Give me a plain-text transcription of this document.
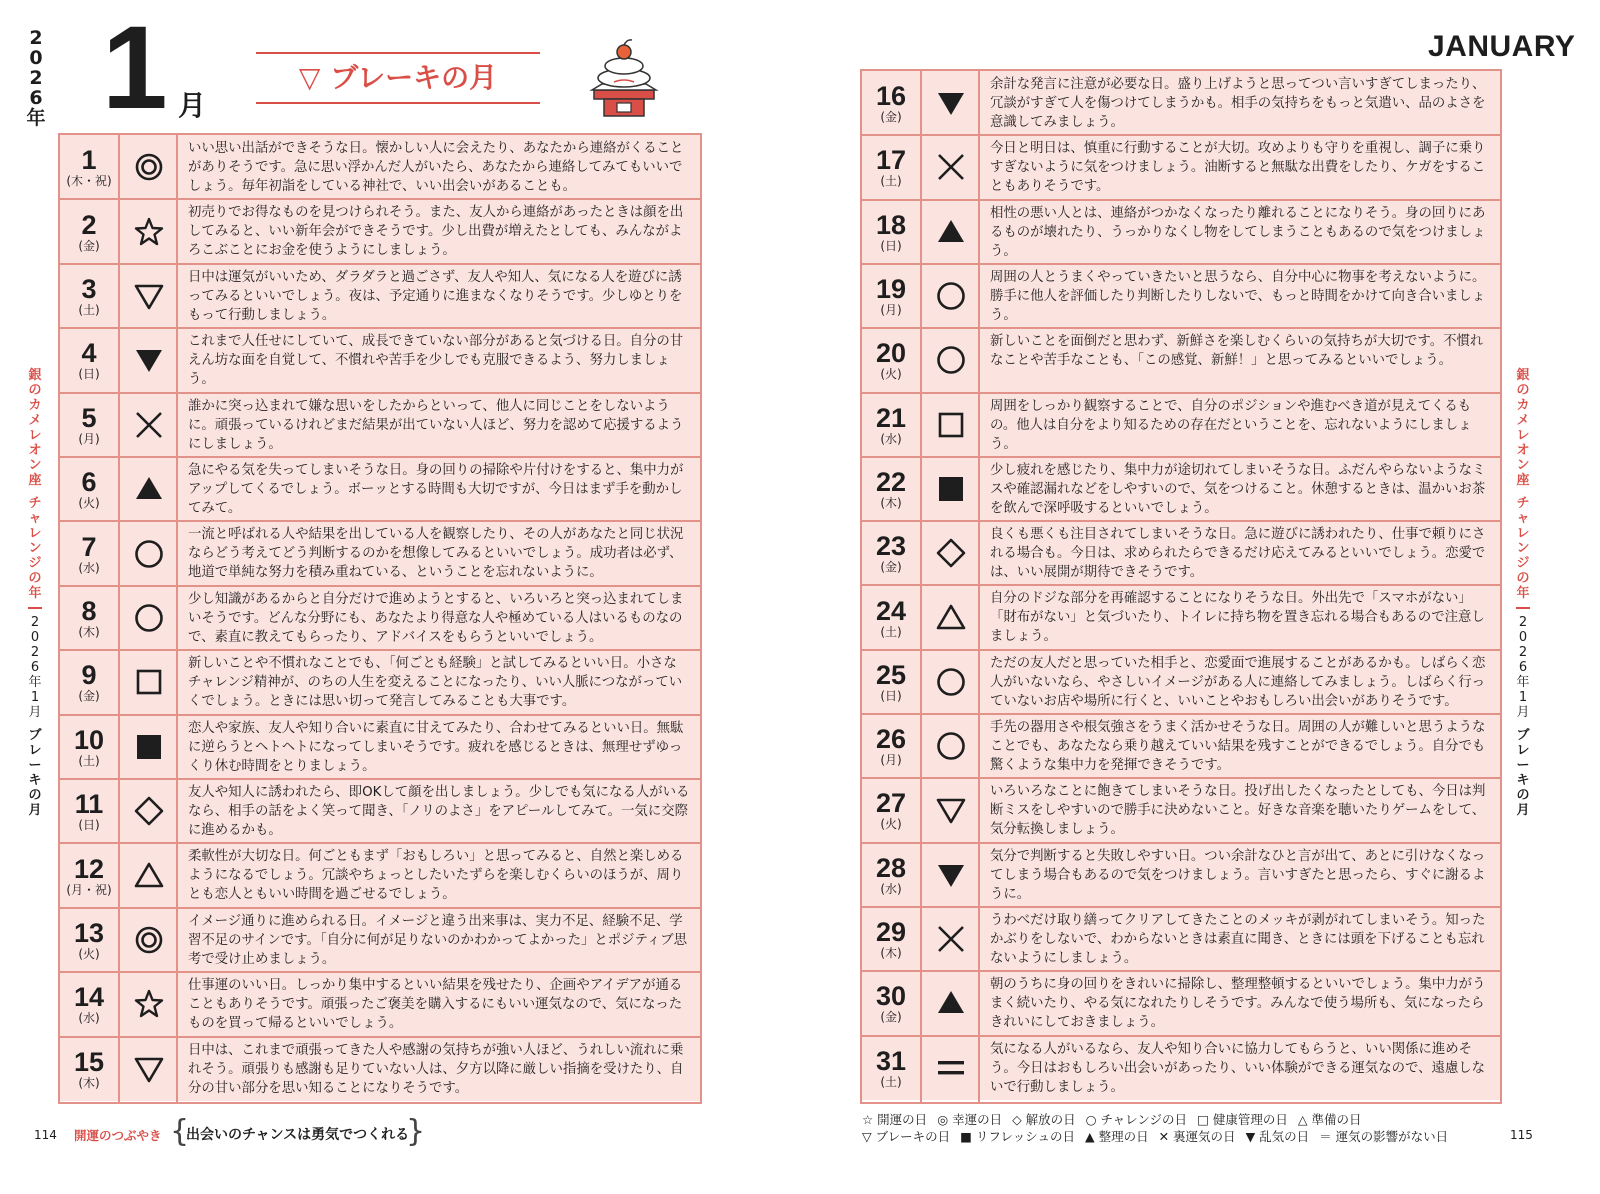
2
0
2
6
年 1 月
▽ ブレーキの月
JANUARY
1
(木・祝)
いい思い出話ができそうな日。懐かしい人に会えたり、あなたから連絡がくることがありそうです。急に思い浮かんだ人がいたら、あなたから連絡してみてもいいでしょう。毎年初詣をしている神社で、いい出会いがあることも。
2
(金)
初売りでお得なものを見つけられそう。また、友人から連絡があったときは顔を出してみると、いい新年会ができそうです。少し出費が増えたとしても、みんながよろこぶことにお金を使うようにしましょう。
3
(土)
日中は運気がいいため、ダラダラと過ごさず、友人や知人、気になる人を遊びに誘ってみるといいでしょう。夜は、予定通りに進まなくなりそうです。少しゆとりをもって行動しましょう。
4
(日)
これまで人任せにしていて、成長できていない部分があると気づける日。自分の甘えん坊な面を自覚して、不慣れや苦手を少しでも克服できるよう、努力しましょう。
5
(月)
誰かに突っ込まれて嫌な思いをしたからといって、他人に同じことをしないように。頑張っているけれどまだ結果が出ていない人ほど、努力を認めて応援するようにしましょう。
6
(火)
急にやる気を失ってしまいそうな日。身の回りの掃除や片付けをすると、集中力がアップしてくるでしょう。ボーッとする時間も大切ですが、今日はまず手を動かしてみて。
7
(水)
一流と呼ばれる人や結果を出している人を観察したり、その人があなたと同じ状況ならどう考えてどう判断するのかを想像してみるといいでしょう。成功者は必ず、地道で単純な努力を積み重ねている、ということを忘れないように。
8
(木)
少し知識があるからと自分だけで進めようとすると、いろいろと突っ込まれてしまいそうです。どんな分野にも、あなたより得意な人や極めている人はいるものなので、素直に教えてもらったり、アドバイスをもらうといいでしょう。
9
(金)
新しいことや不慣れなことでも、「何ごとも経験」と試してみるといい日。小さなチャレンジ精神が、のちの人生を変えることになったり、いい人脈につながっていくでしょう。ときには思い切って発言してみることも大事です。
10
(土)
恋人や家族、友人や知り合いに素直に甘えてみたり、合わせてみるといい日。無駄に逆らうとヘトヘトになってしまいそうです。疲れを感じるときは、無理せずゆっくり休む時間をとりましょう。
11
(日)
友人や知人に誘われたら、即OKして顔を出しましょう。少しでも気になる人がいるなら、相手の話をよく笑って聞き、「ノリのよさ」をアピールしてみて。一気に交際に進めるかも。
12
(月・祝)
柔軟性が大切な日。何ごともまず「おもしろい」と思ってみると、自然と楽しめるようになるでしょう。冗談やちょっとしたいたずらを楽しむくらいのほうが、周りとも恋人ともいい時間を過ごせるでしょう。
13
(火)
イメージ通りに進められる日。イメージと違う出来事は、実力不足、経験不足、学習不足のサインです。「自分に何が足りないのかわかってよかった」とポジティブ思考で受け止めましょう。
14
(水)
仕事運のいい日。しっかり集中するといい結果を残せたり、企画やアイデアが通ることもありそうです。頑張ったご褒美を購入するにもいい運気なので、気になったものを買って帰るといいでしょう。
15
(木)
日中は、これまで頑張ってきた人や感謝の気持ちが強い人ほど、うれしい流れに乗れそう。頑張りも感謝も足りていない人は、夕方以降に厳しい指摘を受けたり、自分の甘い部分を思い知ることになりそうです。
16
(金)
余計な発言に注意が必要な日。盛り上げようと思ってつい言いすぎてしまったり、冗談がすぎて人を傷つけてしまうかも。相手の気持ちをもっと気遣い、品のよさを意識してみましょう。
17
(土)
今日と明日は、慎重に行動することが大切。攻めよりも守りを重視し、調子に乗りすぎないように気をつけましょう。油断すると無駄な出費をしたり、ケガをすることもありそうです。
18
(日)
相性の悪い人とは、連絡がつかなくなったり離れることになりそう。身の回りにあるものが壊れたり、うっかりなくし物をしてしまうこともあるので気をつけましょう。
19
(月)
周囲の人とうまくやっていきたいと思うなら、自分中心に物事を考えないように。勝手に他人を評価したり判断したりしないで、もっと時間をかけて向き合いましょう。
20
(火)
新しいことを面倒だと思わず、新鮮さを楽しむくらいの気持ちが大切です。不慣れなことや苦手なことも、「この感覚、新鮮！」と思ってみるといいでしょう。
21
(水)
周囲をしっかり観察することで、自分のポジションや進むべき道が見えてくるもの。他人は自分をより知るための存在だということを、忘れないようにしましょう。
22
(木)
少し疲れを感じたり、集中力が途切れてしまいそうな日。ふだんやらないようなミスや確認漏れなどをしやすいので、気をつけること。休憩するときは、温かいお茶を飲んで深呼吸するといいでしょう。
23
(金)
良くも悪くも注目されてしまいそうな日。急に遊びに誘われたり、仕事で頼りにされる場合も。今日は、求められたらできるだけ応えてみるといいでしょう。恋愛では、いい展開が期待できそうです。
24
(土)
自分のドジな部分を再確認することになりそうな日。外出先で「スマホがない」「財布がない」と気づいたり、トイレに持ち物を置き忘れる場合もあるので注意しましょう。
25
(日)
ただの友人だと思っていた相手と、恋愛面で進展することがあるかも。しばらく恋人がいないなら、やさしいイメージがある人に連絡してみましょう。しばらく行っていないお店や場所に行くと、いいことやおもしろい出会いがありそうです。
26
(月)
手先の器用さや根気強さをうまく活かせそうな日。周囲の人が難しいと思うようなことでも、あなたなら乗り越えていい結果を残すことができるでしょう。自分でも驚くような集中力を発揮できそうです。
27
(火)
いろいろなことに飽きてしまいそうな日。投げ出したくなったとしても、今日は判断ミスをしやすいので勝手に決めないこと。好きな音楽を聴いたりゲームをして、気分転換しましょう。
28
(水)
気分で判断すると失敗しやすい日。つい余計なひと言が出て、あとに引けなくなってしまう場合もあるので気をつけましょう。言いすぎたと思ったら、すぐに謝るように。
29
(木)
うわべだけ取り繕ってクリアしてきたことのメッキが剥がれてしまいそう。知ったかぶりをしないで、わからないときは素直に聞き、ときには頭を下げることも忘れないようにしましょう。
30
(金)
朝のうちに身の回りをきれいに掃除し、整理整頓するといいでしょう。集中力がうまく続いたり、やる気になれたりしそうです。みんなで使う場所も、気になったらきれいにしておきましょう。
31
(土)
気になる人がいるなら、友人や知り合いに協力してもらうと、いい関係に進めそう。今日はおもしろい出会いがあったり、いい体験ができる運気なので、遠慮しないで行動しましょう。
銀
の
カ
メ
レ
オ
ン
座
チ
ャ
レ
ン
ジ
の
年
2
0
2
6
年
1
月
ブ
レ
ー
キ
の
月
銀
の
カ
メ
レ
オ
ン
座
チ
ャ
レ
ン
ジ
の
年
2
0
2
6
年
1
月
ブ
レ
ー
キ
の
月
114 開運のつぶやき {
出会いのチャンスは勇気でつくれる
}	☆ 開運の日 ◎ 幸運の日 ◇ 解放の日 ○ チャレンジの日 □ 健康管理の日 △ 準備の日
▽ ブレーキの日 ■ リフレッシュの日 ▲ 整理の日 ✕ 裏運気の日 ▼ 乱気の日 ＝ 運気の影響がない日	115
